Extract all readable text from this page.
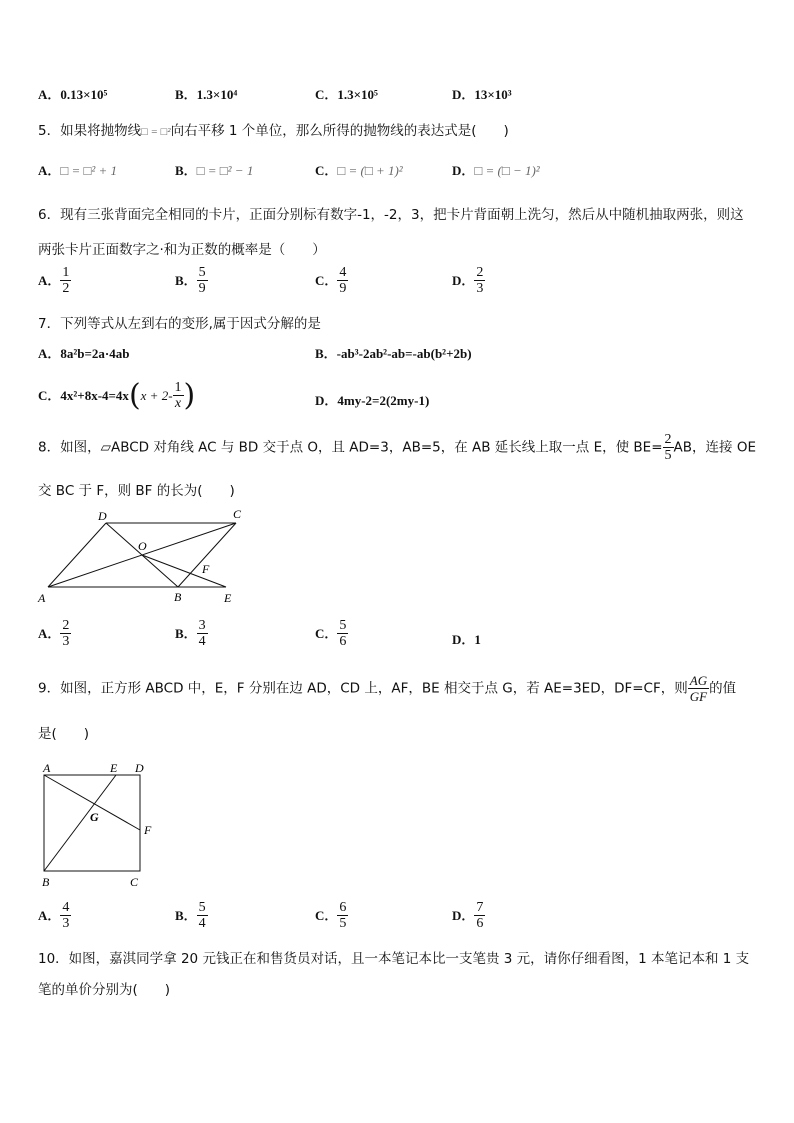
A．0.13×10⁵	B．1.3×10⁴	C．1.3×10⁵	D．13×10³
5．如果将抛物线□ = □²向右平移 1 个单位，那么所得的抛物线的表达式是(　　)
A．□ = □² + 1	B．□ = □² − 1	C．□ = (□ + 1)²	D．□ = (□ − 1)²
6．现有三张背面完全相同的卡片，正面分别标有数字-1，-2，3，把卡片背面朝上洗匀，然后从中随机抽取两张，则这
两张卡片正面数字之·和为正数的概率是（　　）
A． $\frac{1}{2}$	B． $\frac{5}{9}$	C． $\frac{4}{9}$	D． $\frac{2}{3}$
7．下列等式从左到右的变形,属于因式分解的是
A．8a²b=2a·4ab	B．-ab³-2ab²-ab=-ab(b²+2b)
C．$4x^2+8x-4=4x(x + 2- \frac{1}{x}$ )	D．4my-2=2(2my-1)
8．如图，▱ABCD 对角线 AC 与 BD 交于点 O，且 AD=3，AB=5，在 AB 延长线上取一点 E，使 $BE= \frac{2}{5}$ AB，连接 OE
交 BC 于 F，则 BF 的长为(　　)
D	C
O
F
A	B	E
A． $\frac{2}{3}$	B． $\frac{3}{4}$	C． $\frac{5}{6}$	D．1
9．如图，正方形 ABCD 中，E，F 分别在边 AD，CD 上，AF，BE 相交于点 G，若 AE=3ED，DF=CF，则 $\frac{AG}{GF}$ 的值
是(　　)
A	E D
G
F
B	C
A． $\frac{4}{3}$	B． $\frac{5}{4}$	C． $\frac{6}{5}$	D． $\frac{7}{6}$
10．如图，嘉淇同学拿 20 元钱正在和售货员对话，且一本笔记本比一支笔贵 3 元，请你仔细看图，1 本笔记本和 1 支
笔的单价分别为(　　)
